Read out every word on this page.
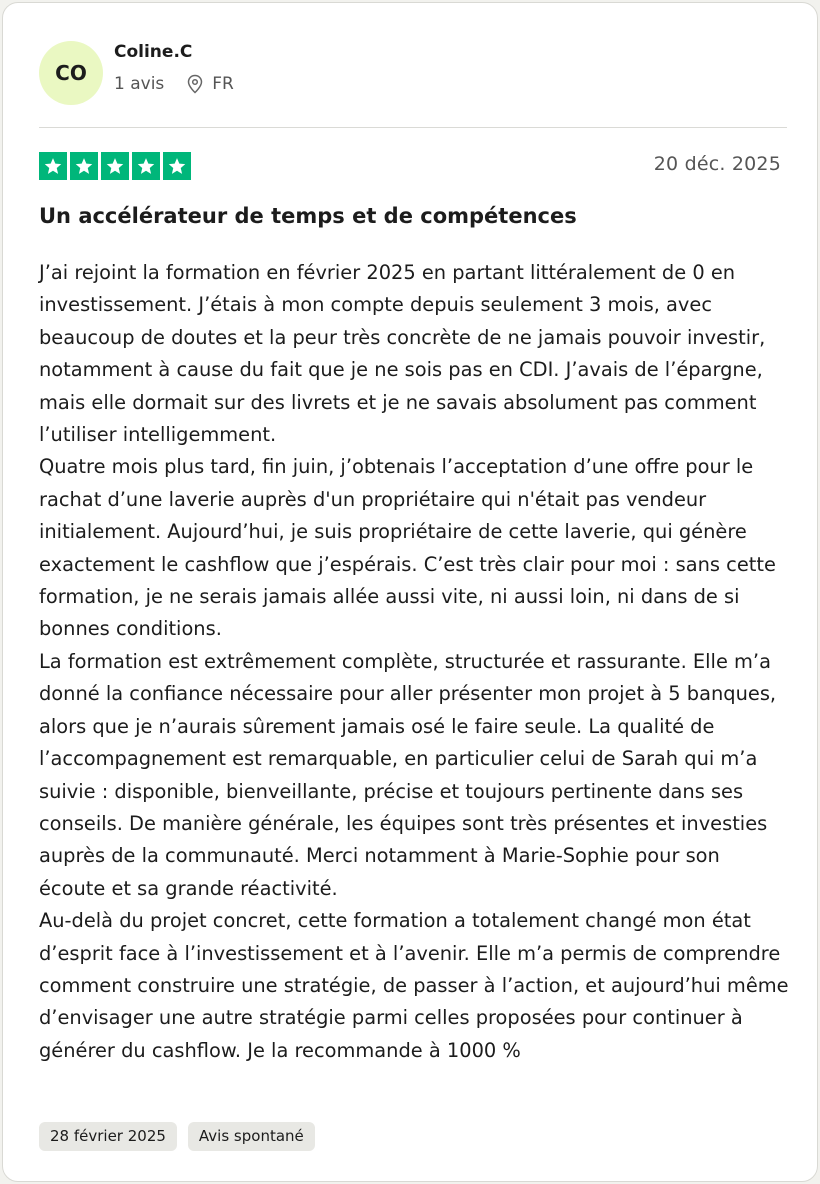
CO
Coline.C
1 avis	FR
20 déc. 2025
Un accélérateur de temps et de compétences

J’ai rejoint la formation en février 2025 en partant littéralement de 0 en investissement. J’étais à mon compte depuis seulement 3 mois, avec beaucoup de doutes et la peur très concrète de ne jamais pouvoir investir, notamment à cause du fait que je ne sois pas en CDI. J’avais de l’épargne, mais elle dormait sur des livrets et je ne savais absolument pas comment l’utiliser intelligemment.

Quatre mois plus tard, fin juin, j’obtenais l’acceptation d’une offre pour le rachat d’une laverie auprès d'un propriétaire qui n'était pas vendeur initialement. Aujourd’hui, je suis propriétaire de cette laverie, qui génère exactement le cashflow que j’espérais. C’est très clair pour moi : sans cette formation, je ne serais jamais allée aussi vite, ni aussi loin, ni dans de si bonnes conditions.

La formation est extrêmement complète, structurée et rassurante. Elle m’a donné la confiance nécessaire pour aller présenter mon projet à 5 banques, alors que je n’aurais sûrement jamais osé le faire seule. La qualité de l’accompagnement est remarquable, en particulier celui de Sarah qui m’a suivie : disponible, bienveillante, précise et toujours pertinente dans ses conseils. De manière générale, les équipes sont très présentes et investies auprès de la communauté. Merci notamment à Marie-Sophie pour son écoute et sa grande réactivité.

Au-delà du projet concret, cette formation a totalement changé mon état d’esprit face à l’investissement et à l’avenir. Elle m’a permis de comprendre comment construire une stratégie, de passer à l’action, et aujourd’hui même d’envisager une autre stratégie parmi celles proposées pour continuer à générer du cashflow. Je la recommande à 1000 %

28 février 2025	Avis spontané
